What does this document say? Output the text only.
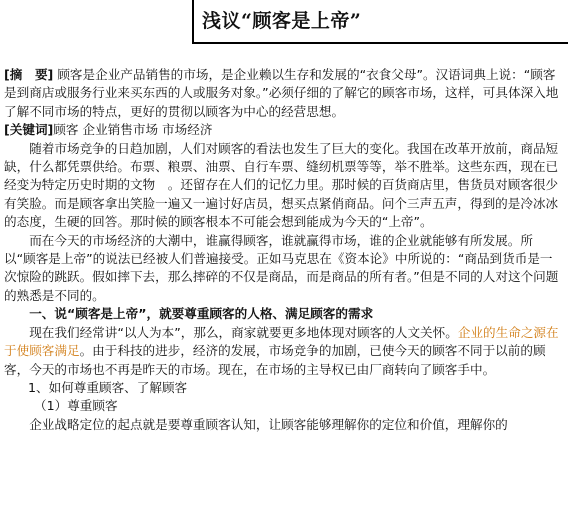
浅议“顾客是上帝”

[摘　要] 顾客是企业产品销售的市场，是企业赖以生存和发展的“衣食父母”。汉语词典上说：“顾客是到商店或服务行业来买东西的人或服务对象。”必须仔细的了解它的顾客市场，这样，可具体深入地了解不同市场的特点，更好的贯彻以顾客为中心的经营思想。

[关键词]顾客 企业销售市场 市场经济

随着市场竞争的日趋加剧，人们对顾客的看法也发生了巨大的变化。我国在改革开放前，商品短缺，什么都凭票供给。布票、粮票、油票、自行车票、缝纫机票等等，举不胜举。这些东西，现在已经变为特定历史时期的文物　。还留存在人们的记忆力里。那时候的百货商店里，售货员对顾客很少有笑脸。而是顾客拿出笑脸一遍又一遍讨好店员，想买点紧俏商品。问个三声五声，得到的是冷冰冰的态度，生硬的回答。那时候的顾客根本不可能会想到能成为今天的“上帝”。

而在今天的市场经济的大潮中，谁赢得顾客，谁就赢得市场，谁的企业就能够有所发展。所以“顾客是上帝”的说法已经被人们普遍接受。正如马克思在《资本论》中所说的：“商品到货币是一次惊险的跳跃。假如摔下去，那么摔碎的不仅是商品，而是商品的所有者。”但是不同的人对这个问题的熟悉是不同的。

一、说“顾客是上帝”，就要尊重顾客的人格、满足顾客的需求

现在我们经常讲“以人为本”，那么，商家就要更多地体现对顾客的人文关怀。企业的生命之源在于使顾客满足。由于科技的进步，经济的发展，市场竞争的加剧，已使今天的顾客不同于以前的顾客，今天的市场也不再是昨天的市场。现在，在市场的主导权已由厂商转向了顾客手中。

1、如何尊重顾客、了解顾客

（1）尊重顾客

企业战略定位的起点就是要尊重顾客认知，让顾客能够理解你的定位和价值，理解你的
